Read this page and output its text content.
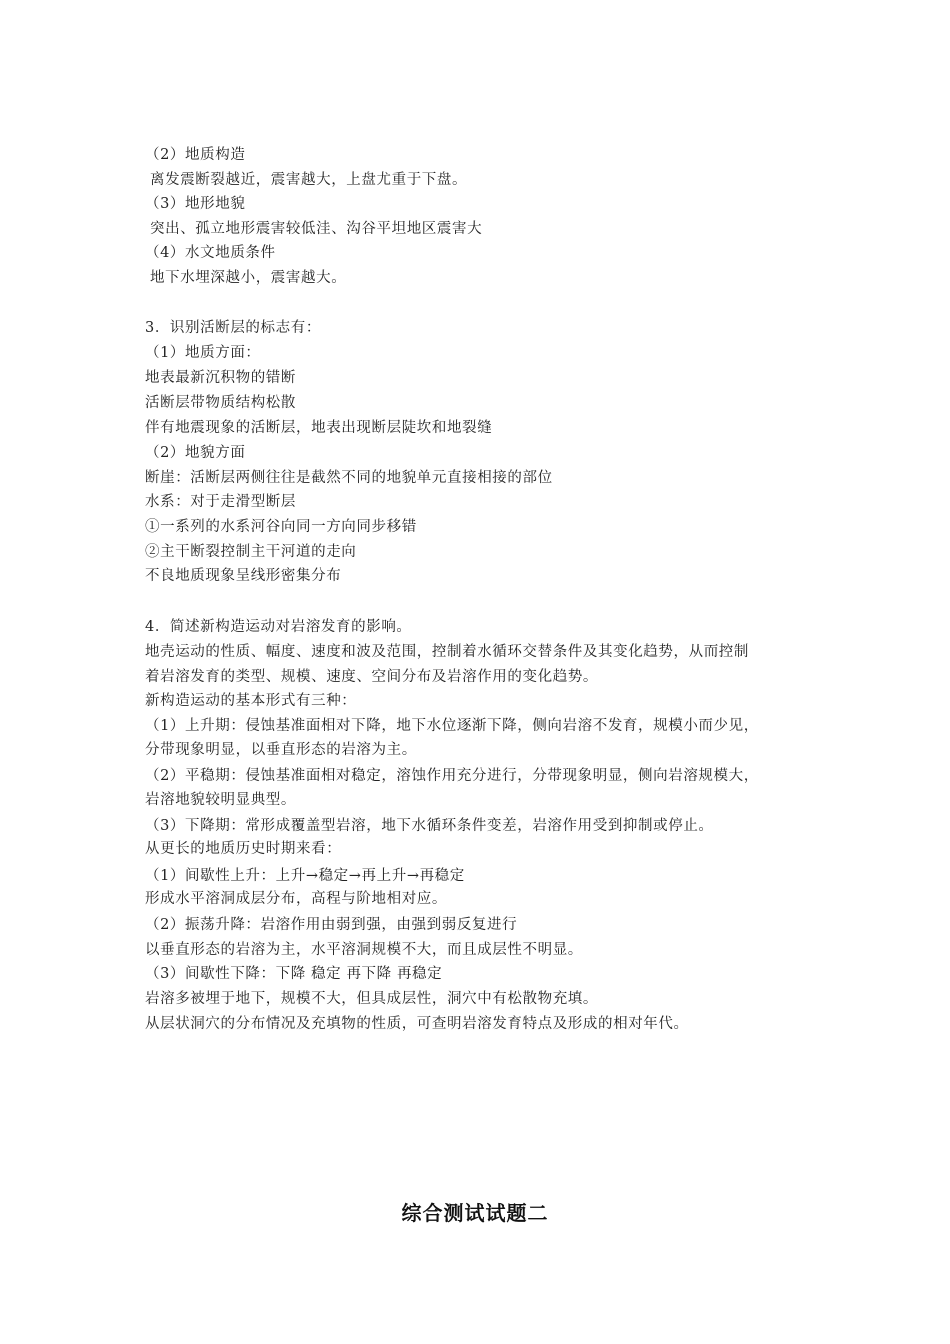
（2）地质构造
离发震断裂越近，震害越大，上盘尤重于下盘。
（3）地形地貌
突出、孤立地形震害较低洼、沟谷平坦地区震害大
（4）水文地质条件
地下水埋深越小，震害越大。
3．识别活断层的标志有：
（1）地质方面：
地表最新沉积物的错断
活断层带物质结构松散
伴有地震现象的活断层，地表出现断层陡坎和地裂缝
（2）地貌方面
断崖：活断层两侧往往是截然不同的地貌单元直接相接的部位
水系：对于走滑型断层
①一系列的水系河谷向同一方向同步移错
②主干断裂控制主干河道的走向
不良地质现象呈线形密集分布
4．简述新构造运动对岩溶发育的影响。
地壳运动的性质、幅度、速度和波及范围，控制着水循环交替条件及其变化趋势，从而控制
着岩溶发育的类型、规模、速度、空间分布及岩溶作用的变化趋势。
新构造运动的基本形式有三种：
（1）上升期：侵蚀基准面相对下降，地下水位逐渐下降，侧向岩溶不发育，规模小而少见，
分带现象明显，以垂直形态的岩溶为主。
（2）平稳期：侵蚀基准面相对稳定，溶蚀作用充分进行，分带现象明显，侧向岩溶规模大，
岩溶地貌较明显典型。
（3）下降期：常形成覆盖型岩溶，地下水循环条件变差，岩溶作用受到抑制或停止。
从更长的地质历史时期来看：
（1）间歇性上升：上升→稳定→再上升→再稳定
形成水平溶洞成层分布，高程与阶地相对应。
（2）振荡升降：岩溶作用由弱到强，由强到弱反复进行
以垂直形态的岩溶为主，水平溶洞规模不大，而且成层性不明显。
（3）间歇性下降：下降 稳定 再下降 再稳定
岩溶多被埋于地下，规模不大，但具成层性，洞穴中有松散物充填。
从层状洞穴的分布情况及充填物的性质，可查明岩溶发育特点及形成的相对年代。
综合测试试题二
